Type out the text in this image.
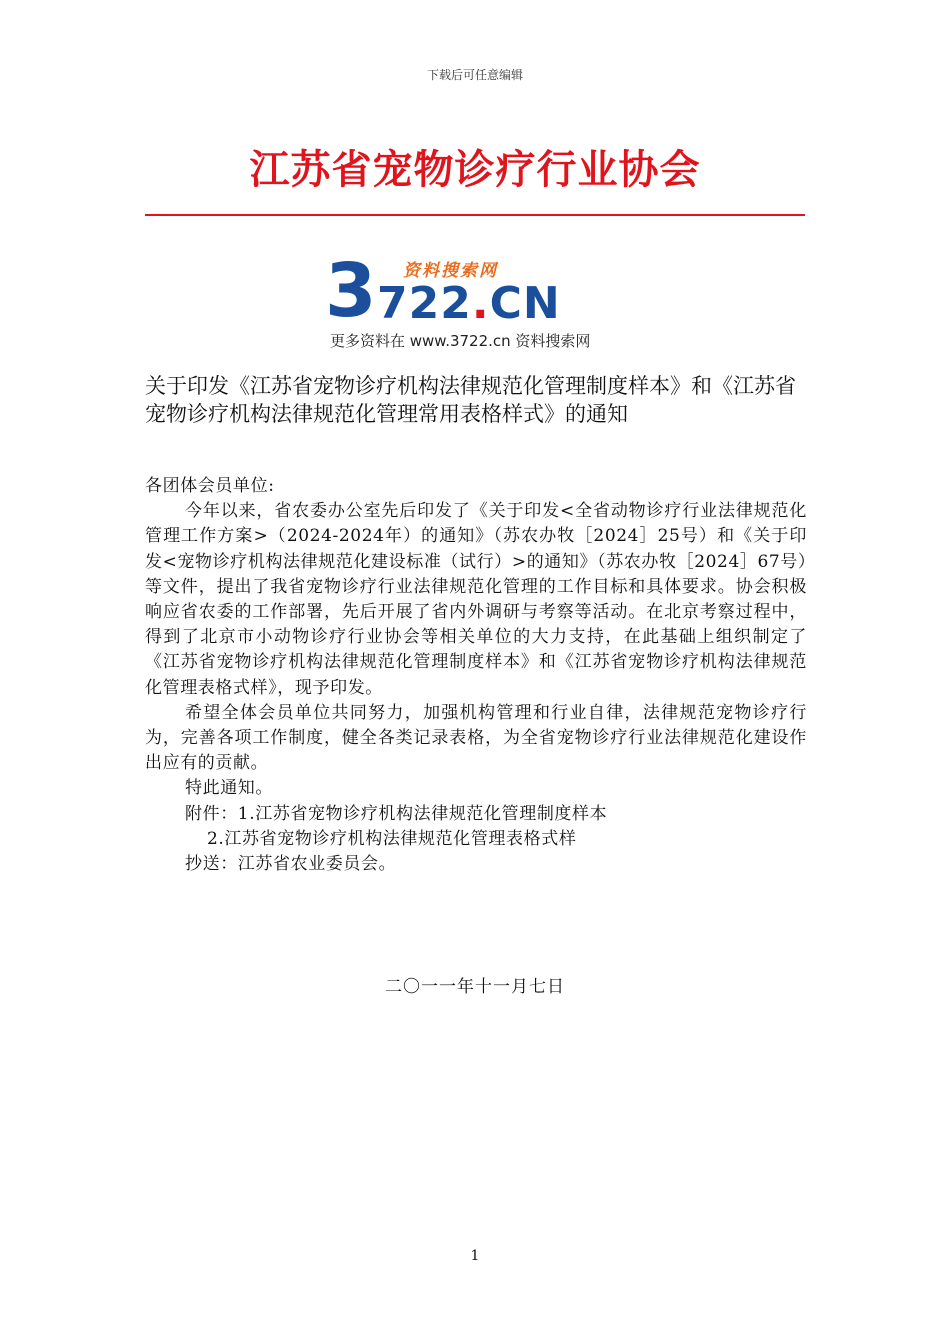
下载后可任意编辑
江苏省宠物诊疗行业协会
3 资料搜索网
722.CN
更多资料在 www.3722.cn 资料搜索网
关于印发《江苏省宠物诊疗机构法律规范化管理制度样本》和《江苏省宠物诊疗机构法律规范化管理常用表格样式》的通知

各团体会员单位:

今年以来，省农委办公室先后印发了《关于印发<全省动物诊疗行业法律规范化管理工作方案>（2024-2024年）的通知》（苏农办牧［2024］25号）和《关于印发<宠物诊疗机构法律规范化建设标准（试行）>的通知》（苏农办牧［2024］67号）等文件，提出了我省宠物诊疗行业法律规范化管理的工作目标和具体要求。协会积极响应省农委的工作部署，先后开展了省内外调研与考察等活动。在北京考察过程中，得到了北京市小动物诊疗行业协会等相关单位的大力支持，在此基础上组织制定了《江苏省宠物诊疗机构法律规范化管理制度样本》和《江苏省宠物诊疗机构法律规范化管理表格式样》，现予印发。

希望全体会员单位共同努力，加强机构管理和行业自律，法律规范宠物诊疗行为，完善各项工作制度，健全各类记录表格，为全省宠物诊疗行业法律规范化建设作出应有的贡献。

特此通知。

附件：1.江苏省宠物诊疗机构法律规范化管理制度样本

2.江苏省宠物诊疗机构法律规范化管理表格式样

抄送：江苏省农业委员会。

二〇一一年十一月七日
1
